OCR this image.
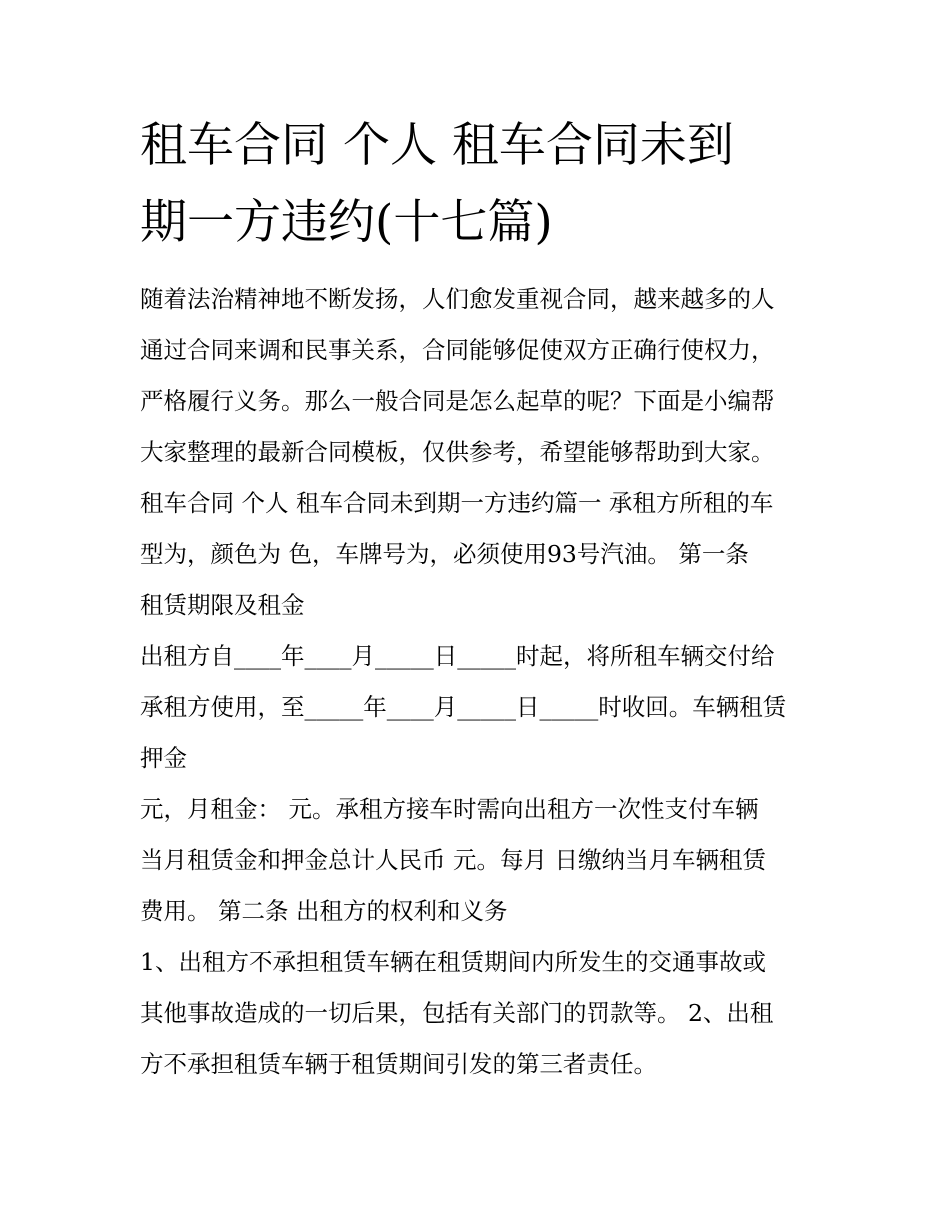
租车合同 个人 租车合同未到
期一方违约(十七篇)
随着法治精神地不断发扬，人们愈发重视合同，越来越多的人
通过合同来调和民事关系，合同能够促使双方正确行使权力，
严格履行义务。那么一般合同是怎么起草的呢？下面是小编帮
大家整理的最新合同模板，仅供参考，希望能够帮助到大家。
租车合同 个人 租车合同未到期一方违约篇一 承租方所租的车
型为，颜色为 色，车牌号为，必须使用93号汽油。 第一条
租赁期限及租金
出租方自____年____月_____日_____时起，将所租车辆交付给
承租方使用，至_____年____月_____日_____时收回。车辆租赁
押金
元，月租金： 元。承租方接车时需向出租方一次性支付车辆
当月租赁金和押金总计人民币 元。每月 日缴纳当月车辆租赁
费用。 第二条 出租方的权利和义务
1、出租方不承担租赁车辆在租赁期间内所发生的交通事故或
其他事故造成的一切后果，包括有关部门的罚款等。 2、出租
方不承担租赁车辆于租赁期间引发的第三者责任。
